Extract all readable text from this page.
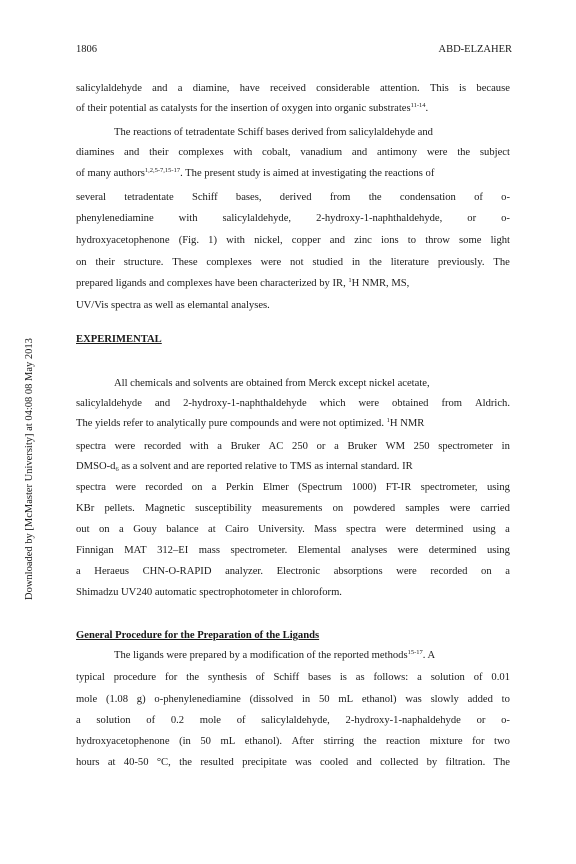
1806	ABD-ELZAHER
Downloaded by [McMaster University] at 04:08 08 May 2013
salicylaldehyde and a diamine, have received considerable attention. This is because
of their potential as catalysts for the insertion of oxygen into organic substrates$^{11-14}$.
The reactions of tetradentate Schiff bases derived from salicylaldehyde and
diamines and their complexes with cobalt, vanadium and antimony were the subject
of many authors$^{1,2,5-7,15-17}$. The present study is aimed at investigating the reactions of
several tetradentate Schiff bases, derived from the condensation of o-
phenylenediamine with salicylaldehyde, 2-hydroxy-1-naphthaldehyde, or o-
hydroxyacetophenone (Fig. 1) with nickel, copper and zinc ions to throw some light
on their structure. These complexes were not studied in the literature previously. The
prepared ligands and complexes have been characterized by IR, $^1$H NMR, MS,
UV/Vis spectra as well as elemantal analyses.
EXPERIMENTAL
All chemicals and solvents are obtained from Merck except nickel acetate,
salicylaldehyde and 2-hydroxy-1-naphthaldehyde which were obtained from Aldrich.
The yields refer to analytically pure compounds and were not optimized. $^1$H NMR
spectra were recorded with a Bruker AC 250 or a Bruker WM 250 spectrometer in
DMSO-$d_6$ as a solvent and are reported relative to TMS as internal standard. IR
spectra were recorded on a Perkin Elmer (Spectrum 1000) FT-IR spectrometer, using
KBr pellets. Magnetic susceptibility measurements on powdered samples were carried
out on a Gouy balance at Cairo University. Mass spectra were determined using a
Finnigan MAT 312–EI mass spectrometer. Elemental analyses were determined using
a Heraeus CHN-O-RAPID analyzer. Electronic absorptions were recorded on a
Shimadzu UV240 automatic spectrophotometer in chloroform.
General Procedure for the Preparation of the Ligands
The ligands were prepared by a modification of the reported methods$^{15-17}$. A
typical procedure for the synthesis of Schiff bases is as follows: a solution of 0.01
mole (1.08 g) o-phenylenediamine (dissolved in 50 mL ethanol) was slowly added to
a solution of 0.2 mole of salicylaldehyde, 2-hydroxy-1-naphaldehyde or o-
hydroxyacetophenone (in 50 mL ethanol). After stirring the reaction mixture for two
hours at 40-50 °C, the resulted precipitate was cooled and collected by filtration. The
